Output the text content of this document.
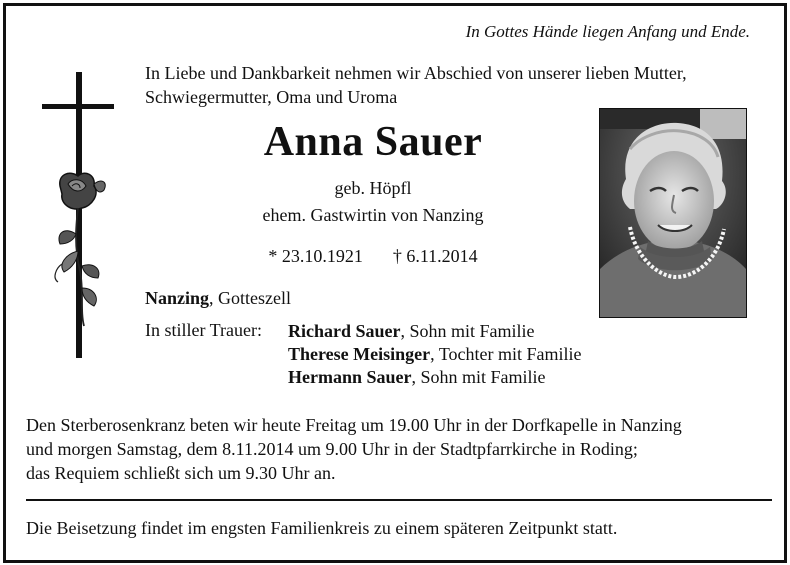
In Gottes Hände liegen Anfang und Ende.
In Liebe und Dankbarkeit nehmen wir Abschied von unserer lieben Mutter,
Schwiegermutter, Oma und Uroma
Anna Sauer
geb. Höpfl
ehem. Gastwirtin von Nanzing
* 23.10.1921 † 6.11.2014
Nanzing, Gotteszell
In stiller Trauer: Richard Sauer, Sohn mit Familie
Therese Meisinger, Tochter mit Familie
Hermann Sauer, Sohn mit Familie
Den Sterberosenkranz beten wir heute Freitag um 19.00 Uhr in der Dorfkapelle in Nanzing
und morgen Samstag, dem 8.11.2014 um 9.00 Uhr in der Stadtpfarrkirche in Roding;
das Requiem schließt sich um 9.30 Uhr an.
Die Beisetzung findet im engsten Familienkreis zu einem späteren Zeitpunkt statt.
